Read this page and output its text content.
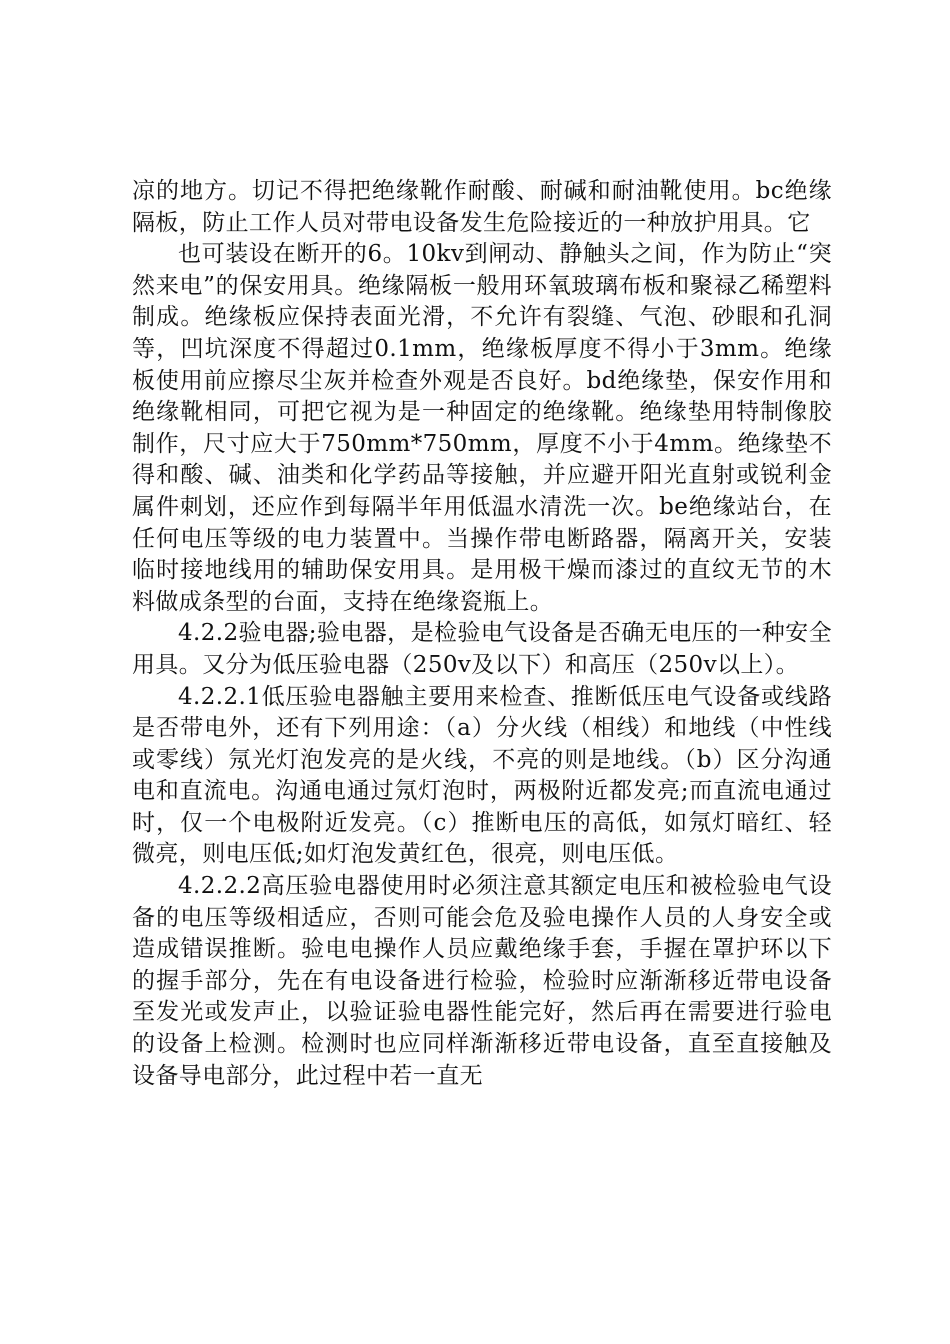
凉的地方。切记不得把绝缘靴作耐酸、耐碱和耐油靴使用。bc绝缘隔板，防止工作人员对带电设备发生危险接近的一种放护用具。它

也可装设在断开的6。10kv到闸动、静触头之间，作为防止“突然来电”的保安用具。绝缘隔板一般用环氧玻璃布板和聚禄乙稀塑料制成。绝缘板应保持表面光滑，不允许有裂缝、气泡、砂眼和孔洞等，凹坑深度不得超过0.1mm，绝缘板厚度不得小于3mm。绝缘板使用前应擦尽尘灰并检查外观是否良好。bd绝缘垫，保安作用和绝缘靴相同，可把它视为是一种固定的绝缘靴。绝缘垫用特制像胶制作，尺寸应大于750mm*750mm，厚度不小于4mm。绝缘垫不得和酸、碱、油类和化学药品等接触，并应避开阳光直射或锐利金属件刺划，还应作到每隔半年用低温水清洗一次。be绝缘站台，在任何电压等级的电力装置中。当操作带电断路器，隔离开关，安装临时接地线用的辅助保安用具。是用极干燥而漆过的直纹无节的木料做成条型的台面，支持在绝缘瓷瓶上。

4.2.2验电器;验电器，是检验电气设备是否确无电压的一种安全用具。又分为低压验电器（250v及以下）和高压（250v以上）。

4.2.2.1低压验电器触主要用来检查、推断低压电气设备或线路是否带电外，还有下列用途：（a）分火线（相线）和地线（中性线或零线）氖光灯泡发亮的是火线，不亮的则是地线。（b）区分沟通电和直流电。沟通电通过氖灯泡时，两极附近都发亮;而直流电通过时，仅一个电极附近发亮。（c）推断电压的高低，如氖灯暗红、轻微亮，则电压低;如灯泡发黄红色，很亮，则电压低。

4.2.2.2高压验电器使用时必须注意其额定电压和被检验电气设备的电压等级相适应，否则可能会危及验电操作人员的人身安全或造成错误推断。验电电操作人员应戴绝缘手套，手握在罩护环以下的握手部分，先在有电设备进行检验，检验时应渐渐移近带电设备至发光或发声止，以验证验电器性能完好，然后再在需要进行验电的设备上检测。检测时也应同样渐渐移近带电设备，直至直接触及设备导电部分，此过程中若一直无
